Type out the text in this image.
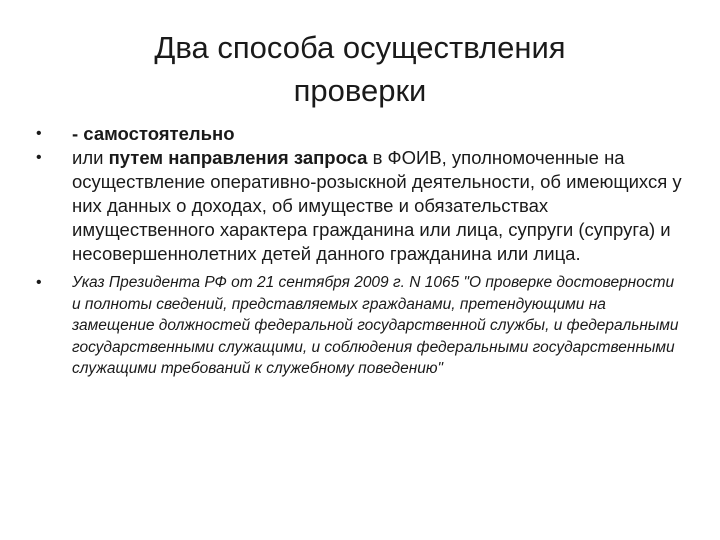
Два способа осуществления
проверки
• - самостоятельно
• или путем направления запроса в ФОИВ, уполномоченные на осуществление оперативно-розыскной деятельности, об имеющихся у них данных о доходах, об имуществе и обязательствах имущественного характера гражданина или лица, супруги (супруга) и несовершеннолетних детей данного гражданина или лица.
• Указ Президента РФ от 21 сентября 2009 г. N 1065 "О проверке достоверности и полноты сведений, представляемых гражданами, претендующими на замещение должностей федеральной государственной службы, и федеральными государственными служащими, и соблюдения федеральными государственными служащими требований к служебному поведению"
